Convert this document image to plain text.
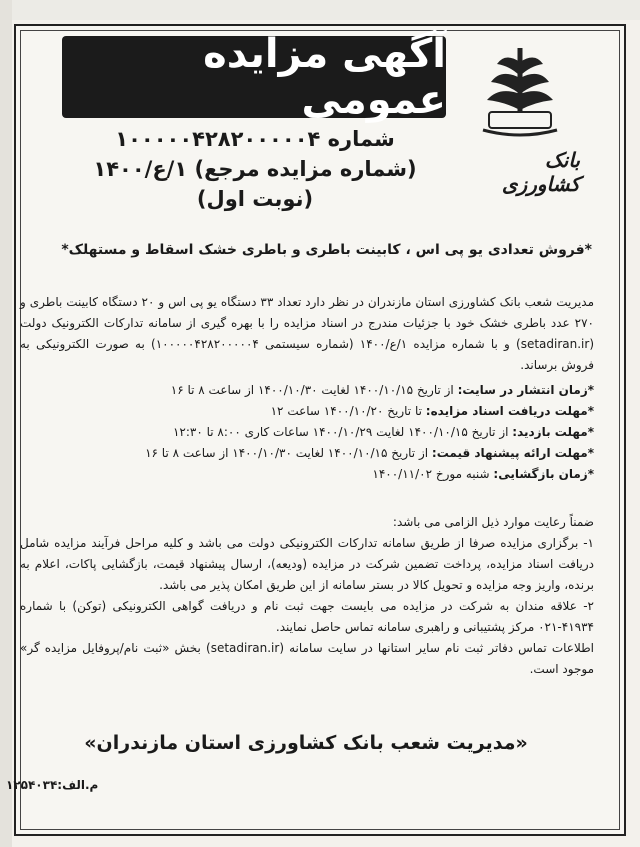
آگهی مزایده عمومی
بانک کشاورزی
شماره ۱۰۰۰۰۰۴۲۸۲۰۰۰۰۰۴
(شماره مزایده مرجع) ۱/ع/۱۴۰۰
(نوبت اول)
*فروش تعدادی یو پی اس ، کابینت باطری و باطری خشک اسقاط و مستهلک*
مدیریت شعب بانک کشاورزی استان مازندران در نظر دارد تعداد ۳۳ دستگاه یو پی اس و ۲۰ دستگاه کابینت باطری و ۲۷۰ عدد باطری خشک خود با جزئیات مندرج در اسناد مزایده را با بهره گیری از سامانه تدارکات الکترونیک دولت (setadiran.ir) و با شماره مزایده ۱/ع/۱۴۰۰ (شماره سیستمی ۱۰۰۰۰۰۴۲۸۲۰۰۰۰۰۴) به صورت الکترونیکی به فروش برساند.
*زمان انتشار در سایت: از تاریخ ۱۴۰۰/۱۰/۱۵ لغایت ۱۴۰۰/۱۰/۳۰ از ساعت ۸ تا ۱۶
*مهلت دریافت اسناد مزایده: تا تاریخ ۱۴۰۰/۱۰/۲۰ ساعت ۱۲
*مهلت بازدید: از تاریخ ۱۴۰۰/۱۰/۱۵ لغایت ۱۴۰۰/۱۰/۲۹ ساعات کاری ۸:۰۰ تا ۱۲:۳۰
*مهلت ارائه پیشنهاد قیمت: از تاریخ ۱۴۰۰/۱۰/۱۵ لغایت ۱۴۰۰/۱۰/۳۰ از ساعت ۸ تا ۱۶
*زمان بازگشایی: شنبه مورخ ۱۴۰۰/۱۱/۰۲

ضمناً رعایت موارد ذیل الزامی می باشد:

۱- برگزاری مزایده صرفا از طریق سامانه تدارکات الکترونیکی دولت می باشد و کلیه مراحل فرآیند مزایده شامل دریافت اسناد مزایده، پرداخت تضمین شرکت در مزایده (ودیعه)، ارسال پیشنهاد قیمت، بازگشایی پاکات، اعلام به برنده، واریز وجه مزایده و تحویل کالا در بستر سامانه از این طریق امکان پذیر می باشد.

۲- علاقه مندان به شرکت در مزایده می بایست جهت ثبت نام و دریافت گواهی الکترونیکی (توکن) با شماره ۴۱۹۳۴-۰۲۱ مرکز پشتیبانی و راهبری سامانه تماس حاصل نمایند.

اطلاعات تماس دفاتر ثبت نام سایر استانها در سایت سامانه (setadiran.ir) بخش «ثبت نام/پروفایل مزایده گر» موجود است.

«مدیریت شعب بانک کشاورزی استان مازندران»
م.الف:۱۲۵۴۰۳۴
